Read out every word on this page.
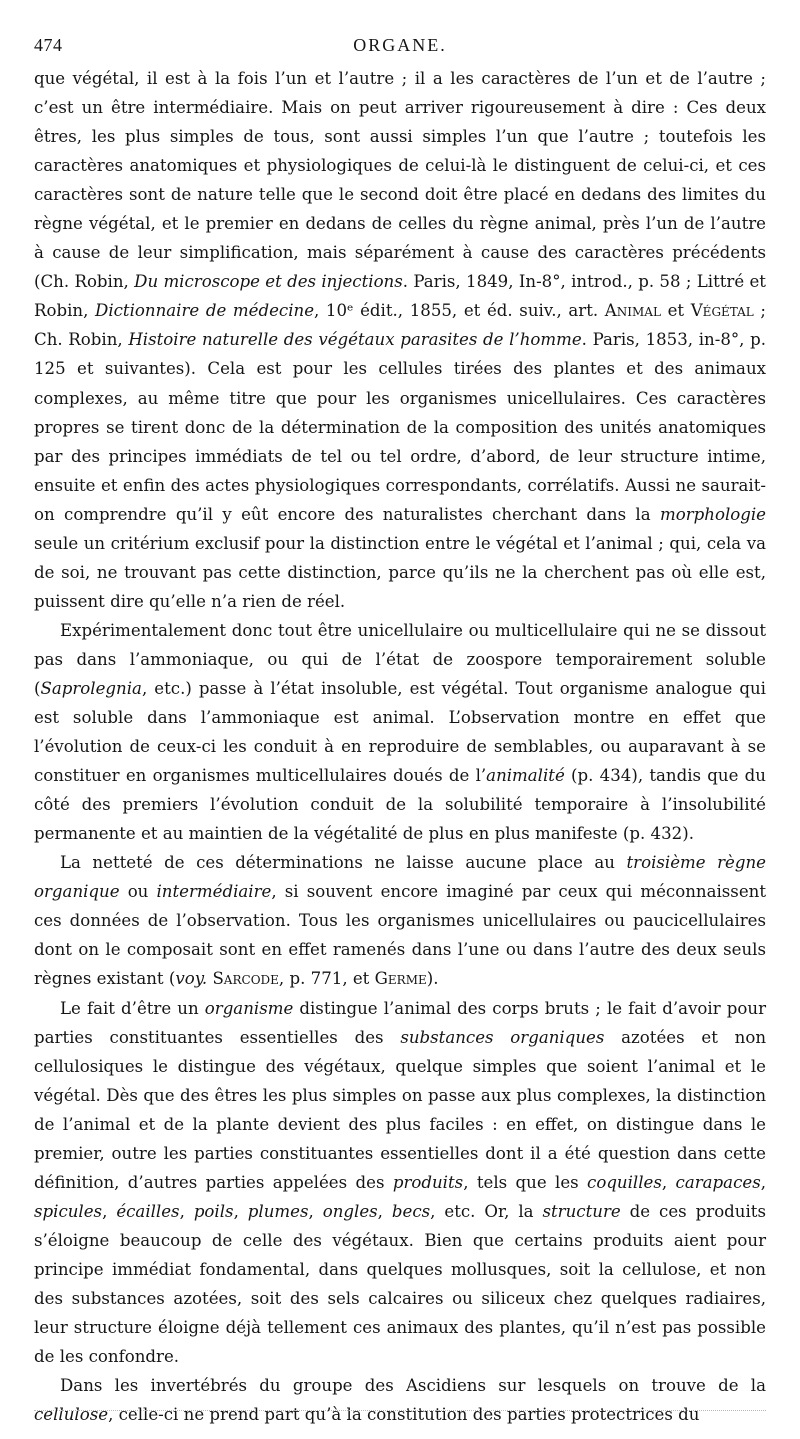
474	ORGANE.

que végétal, il est à la fois l’un et l’autre ; il a les caractères de l’un et de l’autre ; c’est un être intermédiaire. Mais on peut arriver rigoureusement à dire : Ces deux êtres, les plus simples de tous, sont aussi simples l’un que l’autre ; toutefois les caractères anatomiques et physiologiques de celui-là le distinguent de celui-ci, et ces caractères sont de nature telle que le second doit être placé en dedans des limites du règne végétal, et le premier en dedans de celles du règne animal, près l’un de l’autre à cause de leur simplification, mais séparément à cause des caractères précédents (Ch. Robin, Du microscope et des injections. Paris, 1849, In-8°, introd., p. 58 ; Littré et Robin, Dictionnaire de médecine, 10ᵉ édit., 1855, et éd. suiv., art. Animal et Végétal ; Ch. Robin, Histoire naturelle des végétaux parasites de l’homme. Paris, 1853, in-8°, p. 125 et suivantes). Cela est pour les cellules tirées des plantes et des animaux complexes, au même titre que pour les organismes unicellulaires. Ces caractères propres se tirent donc de la détermination de la composition des unités anatomiques par des principes immédiats de tel ou tel ordre, d’abord, de leur structure intime, ensuite et enfin des actes physiologiques correspondants, corrélatifs. Aussi ne saurait-on comprendre qu’il y eût encore des naturalistes cherchant dans la morphologie seule un critérium exclusif pour la distinction entre le végétal et l’animal ; qui, cela va de soi, ne trouvant pas cette distinction, parce qu’ils ne la cherchent pas où elle est, puissent dire qu’elle n’a rien de réel.

Expérimentalement donc tout être unicellulaire ou multicellulaire qui ne se dissout pas dans l’ammoniaque, ou qui de l’état de zoospore temporairement soluble (Saprolegnia, etc.) passe à l’état insoluble, est végétal. Tout organisme analogue qui est soluble dans l’ammoniaque est animal. L’observation montre en effet que l’évolution de ceux-ci les conduit à en reproduire de semblables, ou auparavant à se constituer en organismes multicellulaires doués de l’animalité (p. 434), tandis que du côté des premiers l’évolution conduit de la solubilité temporaire à l’insolubilité permanente et au maintien de la végétalité de plus en plus manifeste (p. 432).

La netteté de ces déterminations ne laisse aucune place au troisième règne organique ou intermédiaire, si souvent encore imaginé par ceux qui méconnaissent ces données de l’observation. Tous les organismes unicellulaires ou paucicellulaires dont on le composait sont en effet ramenés dans l’une ou dans l’autre des deux seuls règnes existant (voy. Sarcode, p. 771, et Germe).

Le fait d’être un organisme distingue l’animal des corps bruts ; le fait d’avoir pour parties constituantes essentielles des substances organiques azotées et non cellulosiques le distingue des végétaux, quelque simples que soient l’animal et le végétal. Dès que des êtres les plus simples on passe aux plus complexes, la distinction de l’animal et de la plante devient des plus faciles : en effet, on distingue dans le premier, outre les parties constituantes essentielles dont il a été question dans cette définition, d’autres parties appelées des produits, tels que les coquilles, carapaces, spicules, écailles, poils, plumes, ongles, becs, etc. Or, la structure de ces produits s’éloigne beaucoup de celle des végétaux. Bien que certains produits aient pour principe immédiat fondamental, dans quelques mollusques, soit la cellulose, et non des substances azotées, soit des sels calcaires ou siliceux chez quelques radiaires, leur structure éloigne déjà tellement ces animaux des plantes, qu’il n’est pas possible de les confondre.

Dans les invertébrés du groupe des Ascidiens sur lesquels on trouve de la cellulose, celle-ci ne prend part qu’à la constitution des parties protectrices du
